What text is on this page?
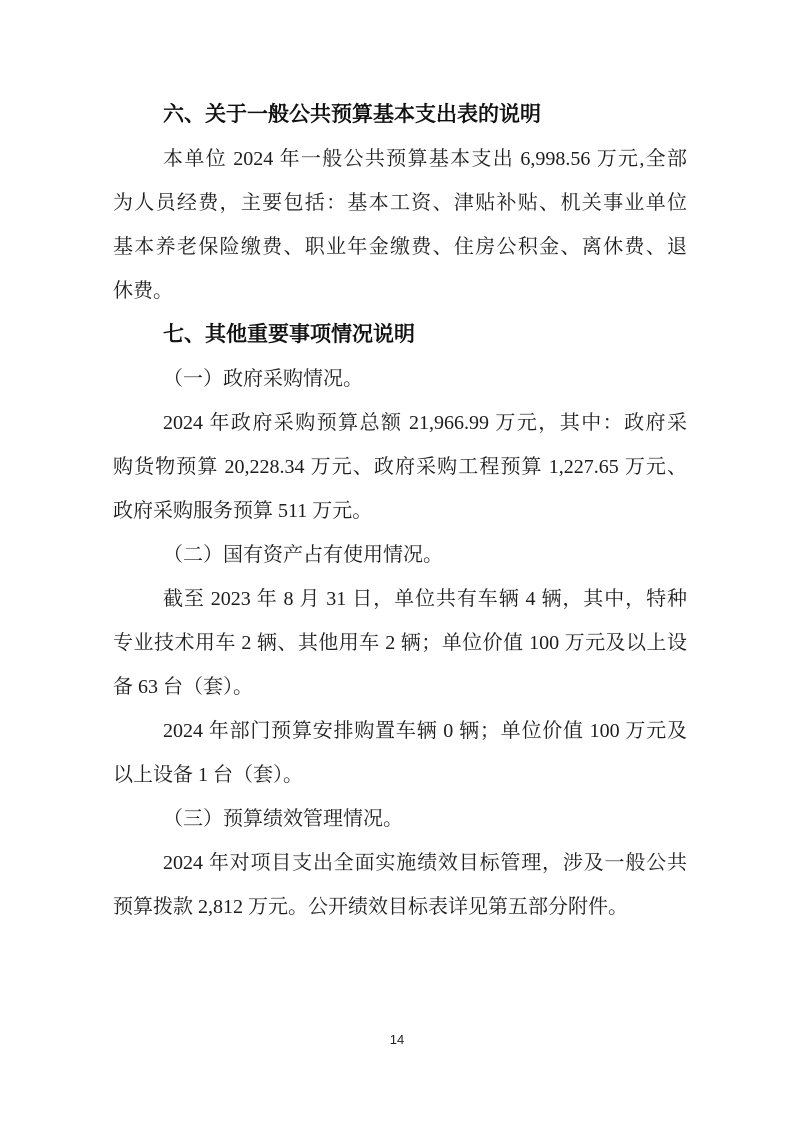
六、关于一般公共预算基本支出表的说明
本单位 2024 年一般公共预算基本支出 6,998.56 万元,全部
为人员经费，主要包括：基本工资、津贴补贴、机关事业单位
基本养老保险缴费、职业年金缴费、住房公积金、离休费、退
休费。
七、其他重要事项情况说明
（一）政府采购情况。
2024 年政府采购预算总额 21,966.99 万元，其中：政府采
购货物预算 20,228.34 万元、政府采购工程预算 1,227.65 万元、
政府采购服务预算 511 万元。
（二）国有资产占有使用情况。
截至 2023 年 8 月 31 日，单位共有车辆 4 辆，其中，特种
专业技术用车 2 辆、其他用车 2 辆；单位价值 100 万元及以上设
备 63 台（套）。
2024 年部门预算安排购置车辆 0 辆；单位价值 100 万元及
以上设备 1 台（套）。
（三）预算绩效管理情况。
2024 年对项目支出全面实施绩效目标管理，涉及一般公共
预算拨款 2,812 万元。公开绩效目标表详见第五部分附件。
14
